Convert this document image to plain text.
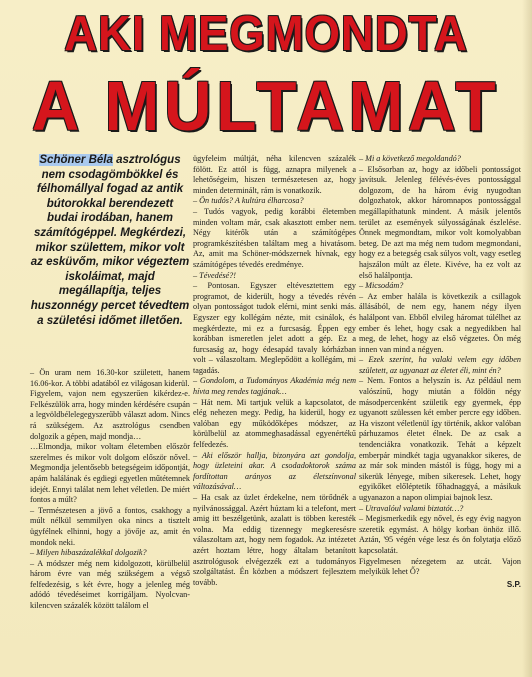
AKI MEGMONDTA
A MÚLTAMAT
Schöner Béla asztrológus nem csodagömbökkel és félhomállyal fogad az antik bútorokkal berendezett budai irodában, hanem számítógéppel. Megkérdezi, mikor születtem, mikor volt az esküvőm, mikor végeztem iskoláimat, majd megállapítja, teljes huszonnégy percet tévedtem a születési időmet illetően.

– Ön uram nem 16.30-kor született, hanem 16.06-kor. A többi adatából ez világosan kiderül.

Figyelem, vajon nem egyszerűen kikérdez-e. Felkészülök arra, hogy minden kérdésére csupán a legvöldbélelegegyszerűbb választ adom. Nincs rá szükségem. Az asztrológus csendben dolgozik a gépen, majd mondja…

…Elmondja, mikor voltam életemben először szerelmes és mikor volt dolgom először nővel. Megmondja jelentősebb betegségeim időpontját, apám halálának és egdiegi egyetlen műtétemnek idejét. Ennyi találat nem lehet véletlen. De miért fontos a múlt?

– Természetesen a jövő a fontos, csakhogy a múlt nélkül semmilyen oka nincs a tisztelt ügyfélnek elhinni, hogy a jövője az, amit én mondok neki.

– Milyen hibaszázalékkal dolgozik?

– A módszer még nem kidolgozott, körülbelül három évre van még szükségem a végső felfedezésig, s két évre, hogy a jelenleg még adódó tévedéseimet korrigáljam. Nyolcvan-kilencven százalék között találom el

ügyfeleim múltját, néha kilencven százalék fölött. Ez attól is függ, aznapra milyenek a lehetőségeim, hiszen természetesen az, hogy minden determinált, rám is vonatkozik.

– Ön tudós? A kultúra élharcosa?

– Tudós vagyok, pedig korábbi életemben minden voltam már, csak akasztott ember nem. Négy kitérők után a számítógépes programkészítésben találtam meg a hivatásom. Az, amit ma Schöner-módszernek hívnak, egy számítógépes tévedés eredménye.

– Tévedésé?!

– Pontosan. Egyszer eltévesztettem egy programot, de kiderült, hogy a tévedés révén olyan pontosságot tudok elérni, mint senki más. Egyszer egy kollégám nézte, mit csinálok, és megkérdezte, mi ez a furcsaság. Éppen egy korábban ismeretlen jelet adott a gép. Ez a furcsaság az, hogy édesapád tavaly kórházban volt – válaszoltam. Meglepődött a kollégám, mi tagadás.

– Gondolom, a Tudományos Akadémia még nem hívta meg rendes tagjának…

– Hát nem. Mi tartjuk velük a kapcsolatot, de elég nehezen megy. Pedig, ha kiderül, hogy ez valóban egy működőképes módszer, az körülbelül az atommeghasadással egyenértékű felfedezés.

– Aki először hallja, bizonyára azt gondolja, hogy üzleteini akar. A csodadoktorok száma fordítottan arányos az életszínvonal változásával…

– Ha csak az üzlet érdekelne, nem törődnék a nyilvánossággal. Azért húztam ki a telefont, mert amig itt beszélgetünk, azalatt is többen keresték volna. Ma eddig tizennegy megkeresésre válaszoltam azt, hogy nem fogadok. Az intézetet azért hoztam létre, hogy általam betanított asztrológusok elvégezzék ezt a tudományos szolgáltatást. Én közben a módszert fejlesztem tovább.

– Mi a következő megoldandó?

– Elsősorban az, hogy az időbeli pontosságot javítsuk. Jelenleg félévés-éves pontossággal dolgozom, de ha három évig nyugodtan dolgozhatok, akkor háromnapos pontossággal megállapíthatunk mindent. A másik jelentős terület az események súlyosságának észlelése. Önnek megmondtam, mikor volt komolyabban beteg. De azt ma még nem tudom megmondani, hogy ez a betegség csak súlyos volt, vagy esetleg hajszálon múlt az élete. Kivéve, ha ez volt az első halálpontja.

– Micsodám?

– Az ember halála is következik a csillagok állásából, de nem egy, hanem négy ilyen halálpont van. Ebből elvileg háromat túlélhet az ember és lehet, hogy csak a negyedikben hal meg, de lehet, hogy az első végzetes. Ön még innen van mind a négyen.

– Ezek szerint, ha valaki velem egy időben született, az ugyanazt az életet éli, mint én?

– Nem. Fontos a helyszín is. Az például nem valószínű, hogy miután a földön négy másodpercenként születik egy gyermek, épp ugyanott szülessen két ember percre egy időben. Ha viszont véletlenül így történik, akkor valóban párhuzamos életet élnek. De az csak a tendenciákra vonatkozik. Tehát a képzelt emberpár mindkét tagja ugyanakkor sikeres, de az már sok minden mástól is függ, hogy mi a sikerük lényege, miben sikeresek. Lehet, hogy egyikőket előléptetik főhadnaggyá, a másikuk ugyanazon a napon olimpiai bajnok lesz.

– Utravalóul valami biztatót…?

– Megismerkedik egy nővel, és egy évig nagyon szeretik egymást. A hölgy korban önhöz illő. Aztán, '95 végén vége lesz és ön folytatja előző kapcsolatát.

Figyelmesen nézegetem az utcát. Vajon melyikük lehet Ő?

S.P.
